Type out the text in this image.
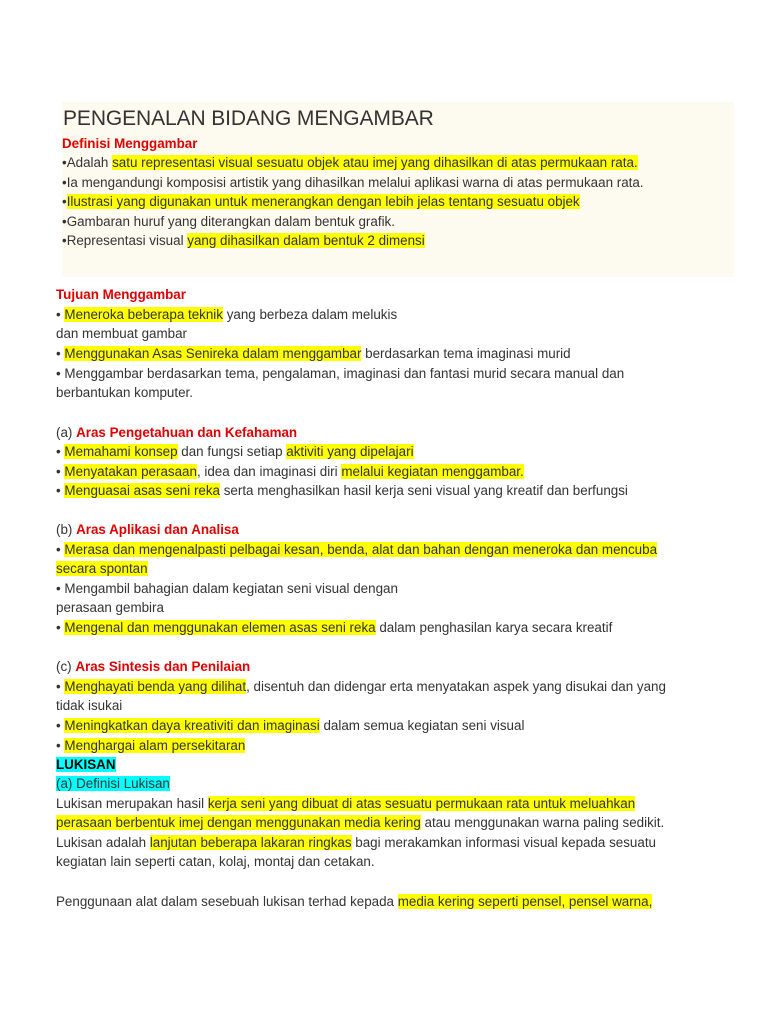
PENGENALAN BIDANG MENGAMBAR
Definisi Menggambar
•Adalah satu representasi visual sesuatu objek atau imej yang dihasilkan di atas permukaan rata.
•Ia mengandungi komposisi artistik yang dihasilkan melalui aplikasi warna di atas permukaan rata.
•Ilustrasi yang digunakan untuk menerangkan dengan lebih jelas tentang sesuatu objek
•Gambaran huruf yang diterangkan dalam bentuk grafik.
•Representasi visual yang dihasilkan dalam bentuk 2 dimensi
Tujuan Menggambar
• Meneroka beberapa teknik yang berbeza dalam melukis
dan membuat gambar
• Menggunakan Asas Senireka dalam menggambar berdasarkan tema imaginasi murid
• Menggambar berdasarkan tema, pengalaman, imaginasi dan fantasi murid secara manual dan
berbantukan komputer.
(a) Aras Pengetahuan dan Kefahaman
• Memahami konsep dan fungsi setiap aktiviti yang dipelajari
• Menyatakan perasaan, idea dan imaginasi diri melalui kegiatan menggambar.
• Menguasai asas seni reka serta menghasilkan hasil kerja seni visual yang kreatif dan berfungsi
(b) Aras Aplikasi dan Analisa
• Merasa dan mengenalpasti pelbagai kesan, benda, alat dan bahan dengan meneroka dan mencuba
secara spontan
• Mengambil bahagian dalam kegiatan seni visual dengan
perasaan gembira
• Mengenal dan menggunakan elemen asas seni reka dalam penghasilan karya secara kreatif
(c) Aras Sintesis dan Penilaian
• Menghayati benda yang dilihat, disentuh dan didengar erta menyatakan aspek yang disukai dan yang
tidak isukai
• Meningkatkan daya kreativiti dan imaginasi dalam semua kegiatan seni visual
• Menghargai alam persekitaran
LUKISAN
(a) Definisi Lukisan
Lukisan merupakan hasil kerja seni yang dibuat di atas sesuatu permukaan rata untuk meluahkan
perasaan berbentuk imej dengan menggunakan media kering atau menggunakan warna paling sedikit.
Lukisan adalah lanjutan beberapa lakaran ringkas bagi merakamkan informasi visual kepada sesuatu
kegiatan lain seperti catan, kolaj, montaj dan cetakan.
Penggunaan alat dalam sesebuah lukisan terhad kepada media kering seperti pensel, pensel warna,
